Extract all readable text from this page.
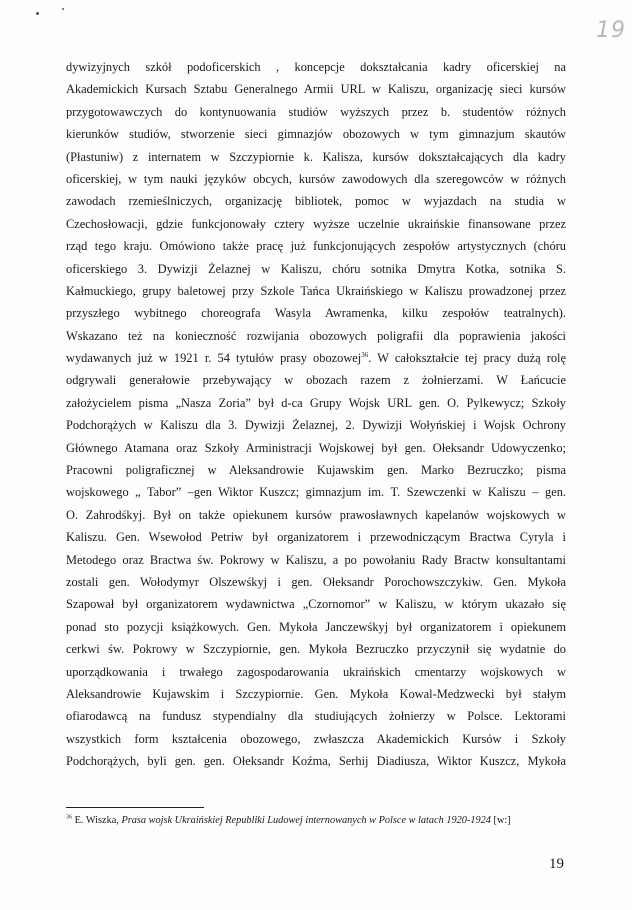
19
dywizyjnych szkół podoficerskich , koncepcje dokształcania kadry oficerskiej na
Akademickich Kursach Sztabu Generalnego Armii URL w Kaliszu, organizację sieci kursów
przygotowawczych do kontynuowania studiów wyższych przez b. studentów różnych
kierunków studiów, stworzenie sieci gimnazjów obozowych w tym gimnazjum skautów
(Płastuniw) z internatem w Szczypiornie k. Kalisza, kursów dokształcających dla kadry
oficerskiej, w tym nauki języków obcych, kursów zawodowych dla szeregowców w różnych
zawodach rzemieślniczych, organizację bibliotek, pomoc w wyjazdach na studia w
Czechosłowacji, gdzie funkcjonowały cztery wyższe uczelnie ukraińskie finansowane przez
rząd tego kraju. Omówiono także pracę już funkcjonujących zespołów artystycznych (chóru
oficerskiego 3. Dywizji Żelaznej w Kaliszu, chóru sotnika Dmytra Kotka, sotnika S.
Kałmuckiego, grupy baletowej przy Szkole Tańca Ukraińskiego w Kaliszu prowadzonej przez
przyszłego wybitnego choreografa Wasyla Awramenka, kilku zespołów teatralnych).
Wskazano też na konieczność rozwijania obozowych poligrafii dla poprawienia jakości
wydawanych już w 1921 r. 54 tytułów prasy obozowej$^{36}$. W całokształcie tej pracy dużą rolę
odgrywali generałowie przebywający w obozach razem z żołnierzami. W Łańcucie
założycielem pisma „Nasza Zoria” był d-ca Grupy Wojsk URL gen. O. Pylkewycz; Szkoły
Podchorążych w Kaliszu dla 3. Dywizji Żelaznej, 2. Dywizji Wołyńskiej i Wojsk Ochrony
Głównego Atamana oraz Szkoły Arministracji Wojskowej był gen. Ołeksandr Udowyczenko;
Pracowni poligraficznej w Aleksandrowie Kujawskim gen. Marko Bezruczko; pisma
wojskowego „ Tabor” –gen Wiktor Kuszcz; gimnazjum im. T. Szewczenki w Kaliszu – gen.
O. Zahrodśkyj. Był on także opiekunem kursów prawosławnych kapelanów wojskowych w
Kaliszu. Gen. Wsewołod Petriw był organizatorem i przewodniczącym Bractwa Cyryla i
Metodego oraz Bractwa św. Pokrowy w Kaliszu, a po powołaniu Rady Bractw konsultantami
zostali gen. Wołodymyr Olszewśkyj i gen. Ołeksandr Porochowszczykiw. Gen. Mykoła
Szapował był organizatorem wydawnictwa „Czornomor” w Kaliszu, w którym ukazało się
ponad sto pozycji książkowych. Gen. Mykoła Janczewśkyj był organizatorem i opiekunem
cerkwi św. Pokrowy w Szczypiornie, gen. Mykoła Bezruczko przyczynił się wydatnie do
uporządkowania i trwałego zagospodarowania ukraińskich cmentarzy wojskowych w
Aleksandrowie Kujawskim i Szczypiornie. Gen. Mykoła Kowal-Medzwecki był stałym
ofiarodawcą na fundusz stypendialny dla studiujących żołnierzy w Polsce. Lektorami
wszystkich form kształcenia obozowego, zwłaszcza Akademickich Kursów i Szkoły
Podchorążych, byli gen. gen. Ołeksandr Koźma, Serhij Diadiusza, Wiktor Kuszcz, Mykoła
$^{36}$ E. Wiszka, Prasa wojsk Ukraińskiej Republiki Ludowej internowanych w Polsce w latach 1920-1924 [w:]
19
